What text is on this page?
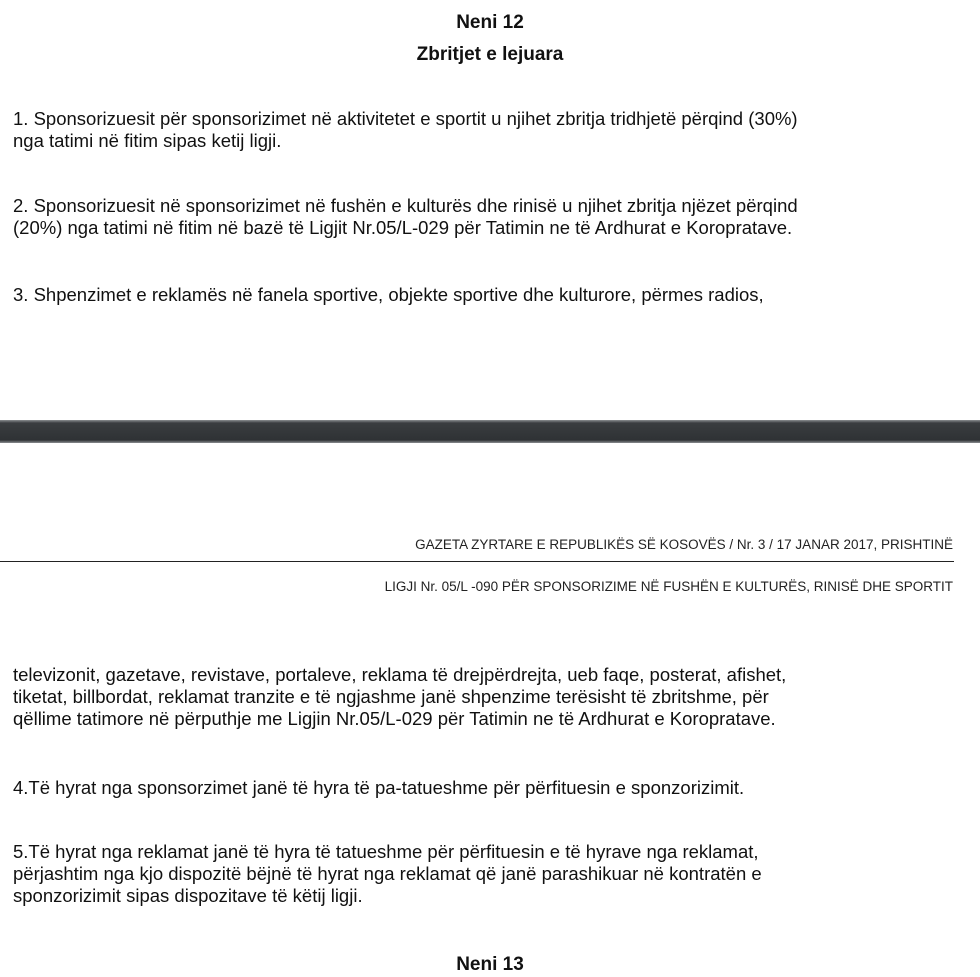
Neni 12
Zbritjet e lejuara

1. Sponsorizuesit për sponsorizimet në aktivitetet e sportit u njihet zbritja tridhjetë përqind (30%)
nga tatimi në fitim sipas ketij ligji.

2. Sponsorizuesit në sponsorizimet në fushën e kulturës dhe rinisë u njihet zbritja njëzet përqind
(20%) nga tatimi në fitim në bazë të Ligjit Nr.05/L-029 për Tatimin ne të Ardhurat e Koropratave.

3. Shpenzimet e reklamës në fanela sportive, objekte sportive dhe kulturore, përmes radios,

GAZETA ZYRTARE E REPUBLIKËS SË KOSOVËS / Nr. 3 / 17 JANAR 2017, PRISHTINË
LIGJI Nr. 05/L -090 PËR SPONSORIZIME NË FUSHËN E KULTURËS, RINISË DHE SPORTIT

televizonit, gazetave, revistave, portaleve, reklama të drejpërdrejta, ueb faqe, posterat, afishet,
tiketat, billbordat, reklamat tranzite e të ngjashme janë shpenzime terësisht të zbritshme, për
qëllime tatimore në përputhje me Ligjin Nr.05/L-029 për Tatimin ne të Ardhurat e Koropratave.

4.Të hyrat nga sponsorzimet janë të hyra të pa-tatueshme për përfituesin e sponzorizimit.

5.Të hyrat nga reklamat janë të hyra të tatueshme për përfituesin e të hyrave nga reklamat,
përjashtim nga kjo dispozitë bëjnë të hyrat nga reklamat që janë parashikuar në kontratën e
sponzorizimit sipas dispozitave të këtij ligji.

Neni 13
